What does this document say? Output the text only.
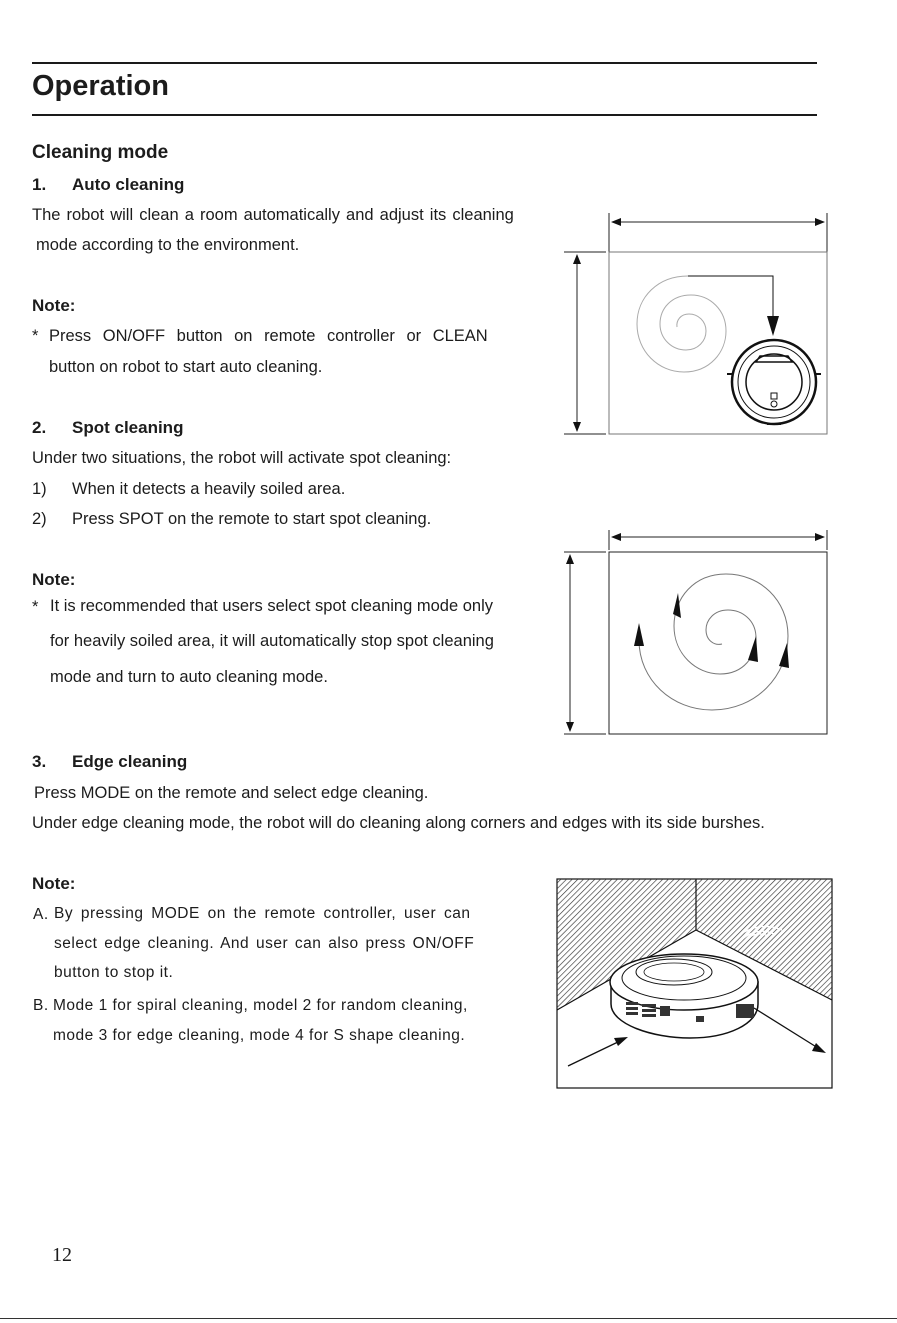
Operation
Cleaning mode
1. Auto cleaning
The robot will clean a room automatically and adjust its cleaning
mode according to the environment.
Note:
* Press ON/OFF button on remote controller or CLEAN
button on robot to start auto cleaning.
2. Spot cleaning
Under two situations, the robot will activate spot cleaning:
1) When it detects a heavily soiled area.
2) Press SPOT on the remote to start spot cleaning.
Note:
* It is recommended that users select spot cleaning mode only
for heavily soiled area, it will automatically stop spot cleaning
mode and turn to auto cleaning mode.
3. Edge cleaning
Press MODE on the remote and select edge cleaning.
Under edge cleaning mode, the robot will do cleaning along corners and edges with its side burshes.
Note:
A. By pressing MODE on the remote controller, user can
select edge cleaning. And user can also press ON/OFF
button to stop it.
B. Mode 1 for spiral cleaning, model 2 for random cleaning,
mode 3 for edge cleaning, mode 4 for S shape cleaning.
12
